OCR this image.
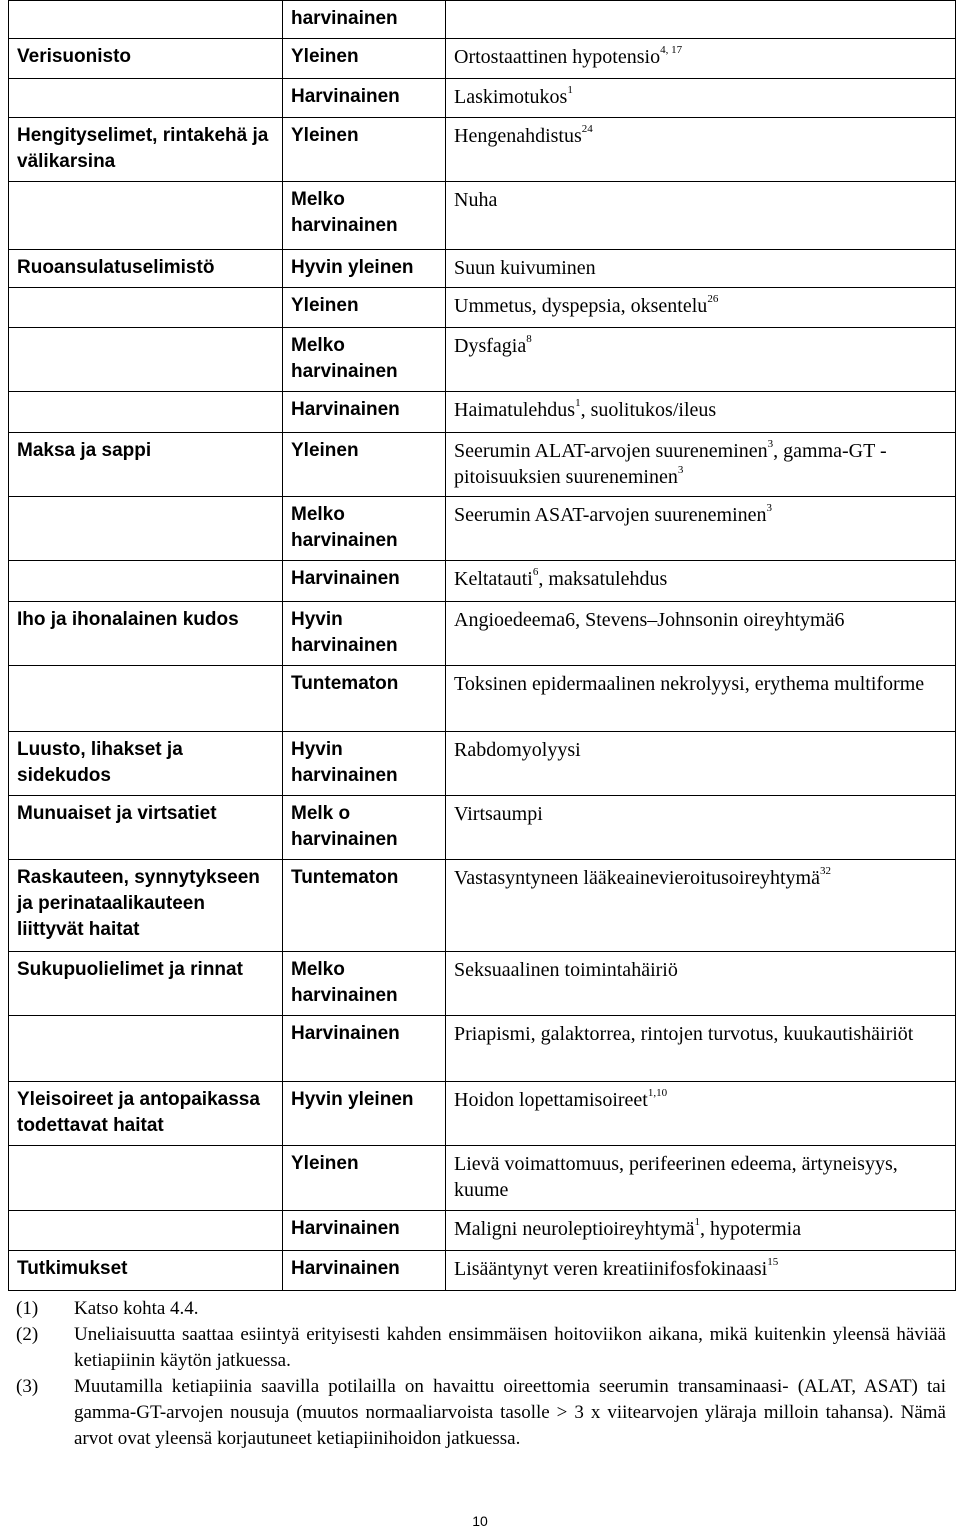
	harvinainen	
Verisuonisto	Yleinen	Ortostaattinen hypotensio$^{4, 17}$
	Harvinainen	Laskimotukos$^1$
Hengityselimet, rintakehä ja välikarsina	Yleinen	Hengenahdistus$^{24}$
	Melko harvinainen	Nuha
Ruoansulatuselimistö	Hyvin yleinen	Suun kuivuminen
	Yleinen	Ummetus, dyspepsia, oksentelu$^{26}$
	Melko harvinainen	Dysfagia$^8$
	Harvinainen	Haimatulehdus$^1$, suolitukos/ileus
Maksa ja sappi	Yleinen	Seerumin ALAT-arvojen suureneminen$^3$, gamma-GT -pitoisuuksien suureneminen$^3$
	Melko harvinainen	Seerumin ASAT-arvojen suureneminen$^3$
	Harvinainen	Keltatauti$^6$, maksatulehdus
Iho ja ihonalainen kudos	Hyvin harvinainen	Angioedeema6, Stevens–Johnsonin oireyhtymä6
	Tuntematon	Toksinen epidermaalinen nekrolyysi, erythema multiforme
Luusto, lihakset ja sidekudos	Hyvin harvinainen	Rabdomyolyysi
Munuaiset ja virtsatiet	Melk o harvinainen	Virtsaumpi
Raskauteen, synnytykseen ja perinataalikauteen liittyvät haitat	Tuntematon	Vastasyntyneen lääkeainevieroitusoireyhtymä$^{32}$
Sukupuolielimet ja rinnat	Melko harvinainen	Seksuaalinen toimintahäiriö
	Harvinainen	Priapismi, galaktorrea, rintojen turvotus, kuukautishäiriöt
Yleisoireet ja antopaikassa todettavat haitat	Hyvin yleinen	Hoidon lopettamisoireet$^{1,10}$
	Yleinen	Lievä voimattomuus, perifeerinen edeema, ärtyneisyys, kuume
	Harvinainen	Maligni neuroleptioireyhtymä$^1$, hypotermia
Tutkimukset	Harvinainen	Lisääntynyt veren kreatiinifosfokinaasi$^{15}$
(1)	Katso kohta 4.4.
(2)	Uneliaisuutta saattaa esiintyä erityisesti kahden ensimmäisen hoitoviikon aikana, mikä kuitenkin yleensä häviää ketiapiinin käytön jatkuessa.
(3)	Muutamilla ketiapiinia saavilla potilailla on havaittu oireettomia seerumin transaminaasi- (ALAT, ASAT) tai gamma-GT-arvojen nousuja (muutos normaaliarvoista tasolle > 3 x viitearvojen yläraja milloin tahansa). Nämä arvot ovat yleensä korjautuneet ketiapiinihoidon jatkuessa.
10
